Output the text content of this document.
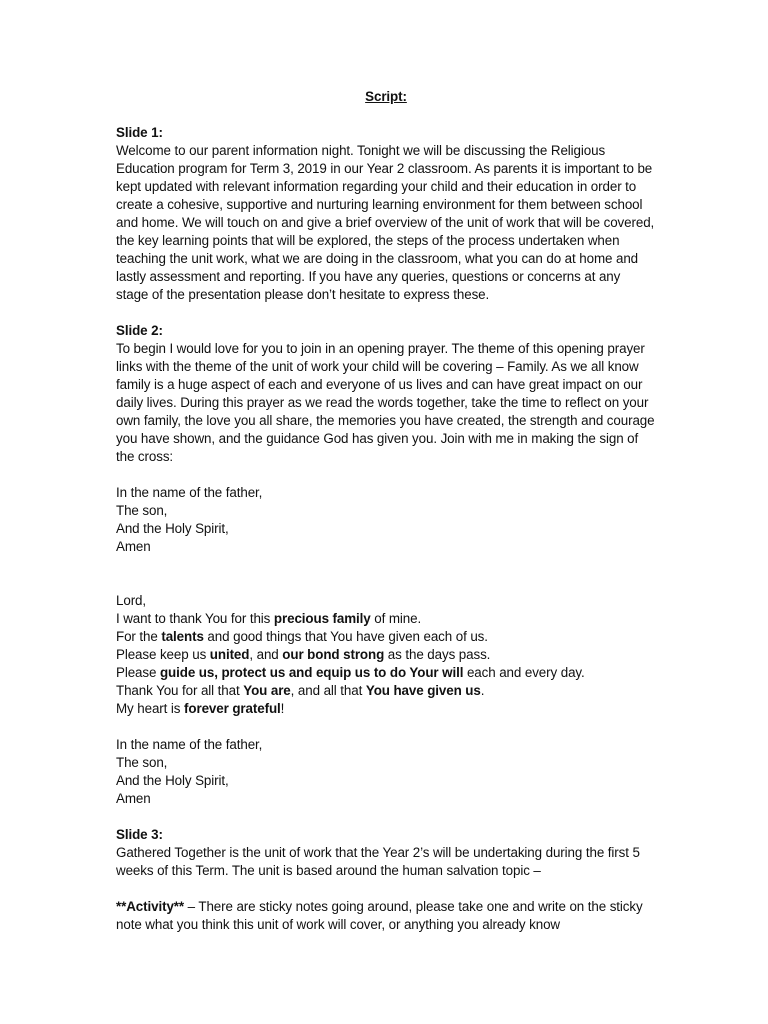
Script:
Slide 1:

Welcome to our parent information night. Tonight we will be discussing the Religious Education program for Term 3, 2019 in our Year 2 classroom. As parents it is important to be kept updated with relevant information regarding your child and their education in order to create a cohesive, supportive and nurturing learning environment for them between school and home. We will touch on and give a brief overview of the unit of work that will be covered, the key learning points that will be explored, the steps of the process undertaken when teaching the unit work, what we are doing in the classroom, what you can do at home and lastly assessment and reporting. If you have any queries, questions or concerns at any stage of the presentation please don’t hesitate to express these.

Slide 2:

To begin I would love for you to join in an opening prayer. The theme of this opening prayer links with the theme of the unit of work your child will be covering – Family. As we all know family is a huge aspect of each and everyone of us lives and can have great impact on our daily lives. During this prayer as we read the words together, take the time to reflect on your own family, the love you all share, the memories you have created, the strength and courage you have shown, and the guidance God has given you. Join with me in making the sign of the cross:

In the name of the father,
The son,
And the Holy Spirit,
Amen

Lord,
I want to thank You for this precious family of mine.
For the talents and good things that You have given each of us.
Please keep us united, and our bond strong as the days pass.
Please guide us, protect us and equip us to do Your will each and every day.
Thank You for all that You are, and all that You have given us.
My heart is forever grateful!
In the name of the father,
The son,
And the Holy Spirit,
Amen
Slide 3:

Gathered Together is the unit of work that the Year 2’s will be undertaking during the first 5 weeks of this Term. The unit is based around the human salvation topic –

**Activity** – There are sticky notes going around, please take one and write on the sticky note what you think this unit of work will cover, or anything you already know
